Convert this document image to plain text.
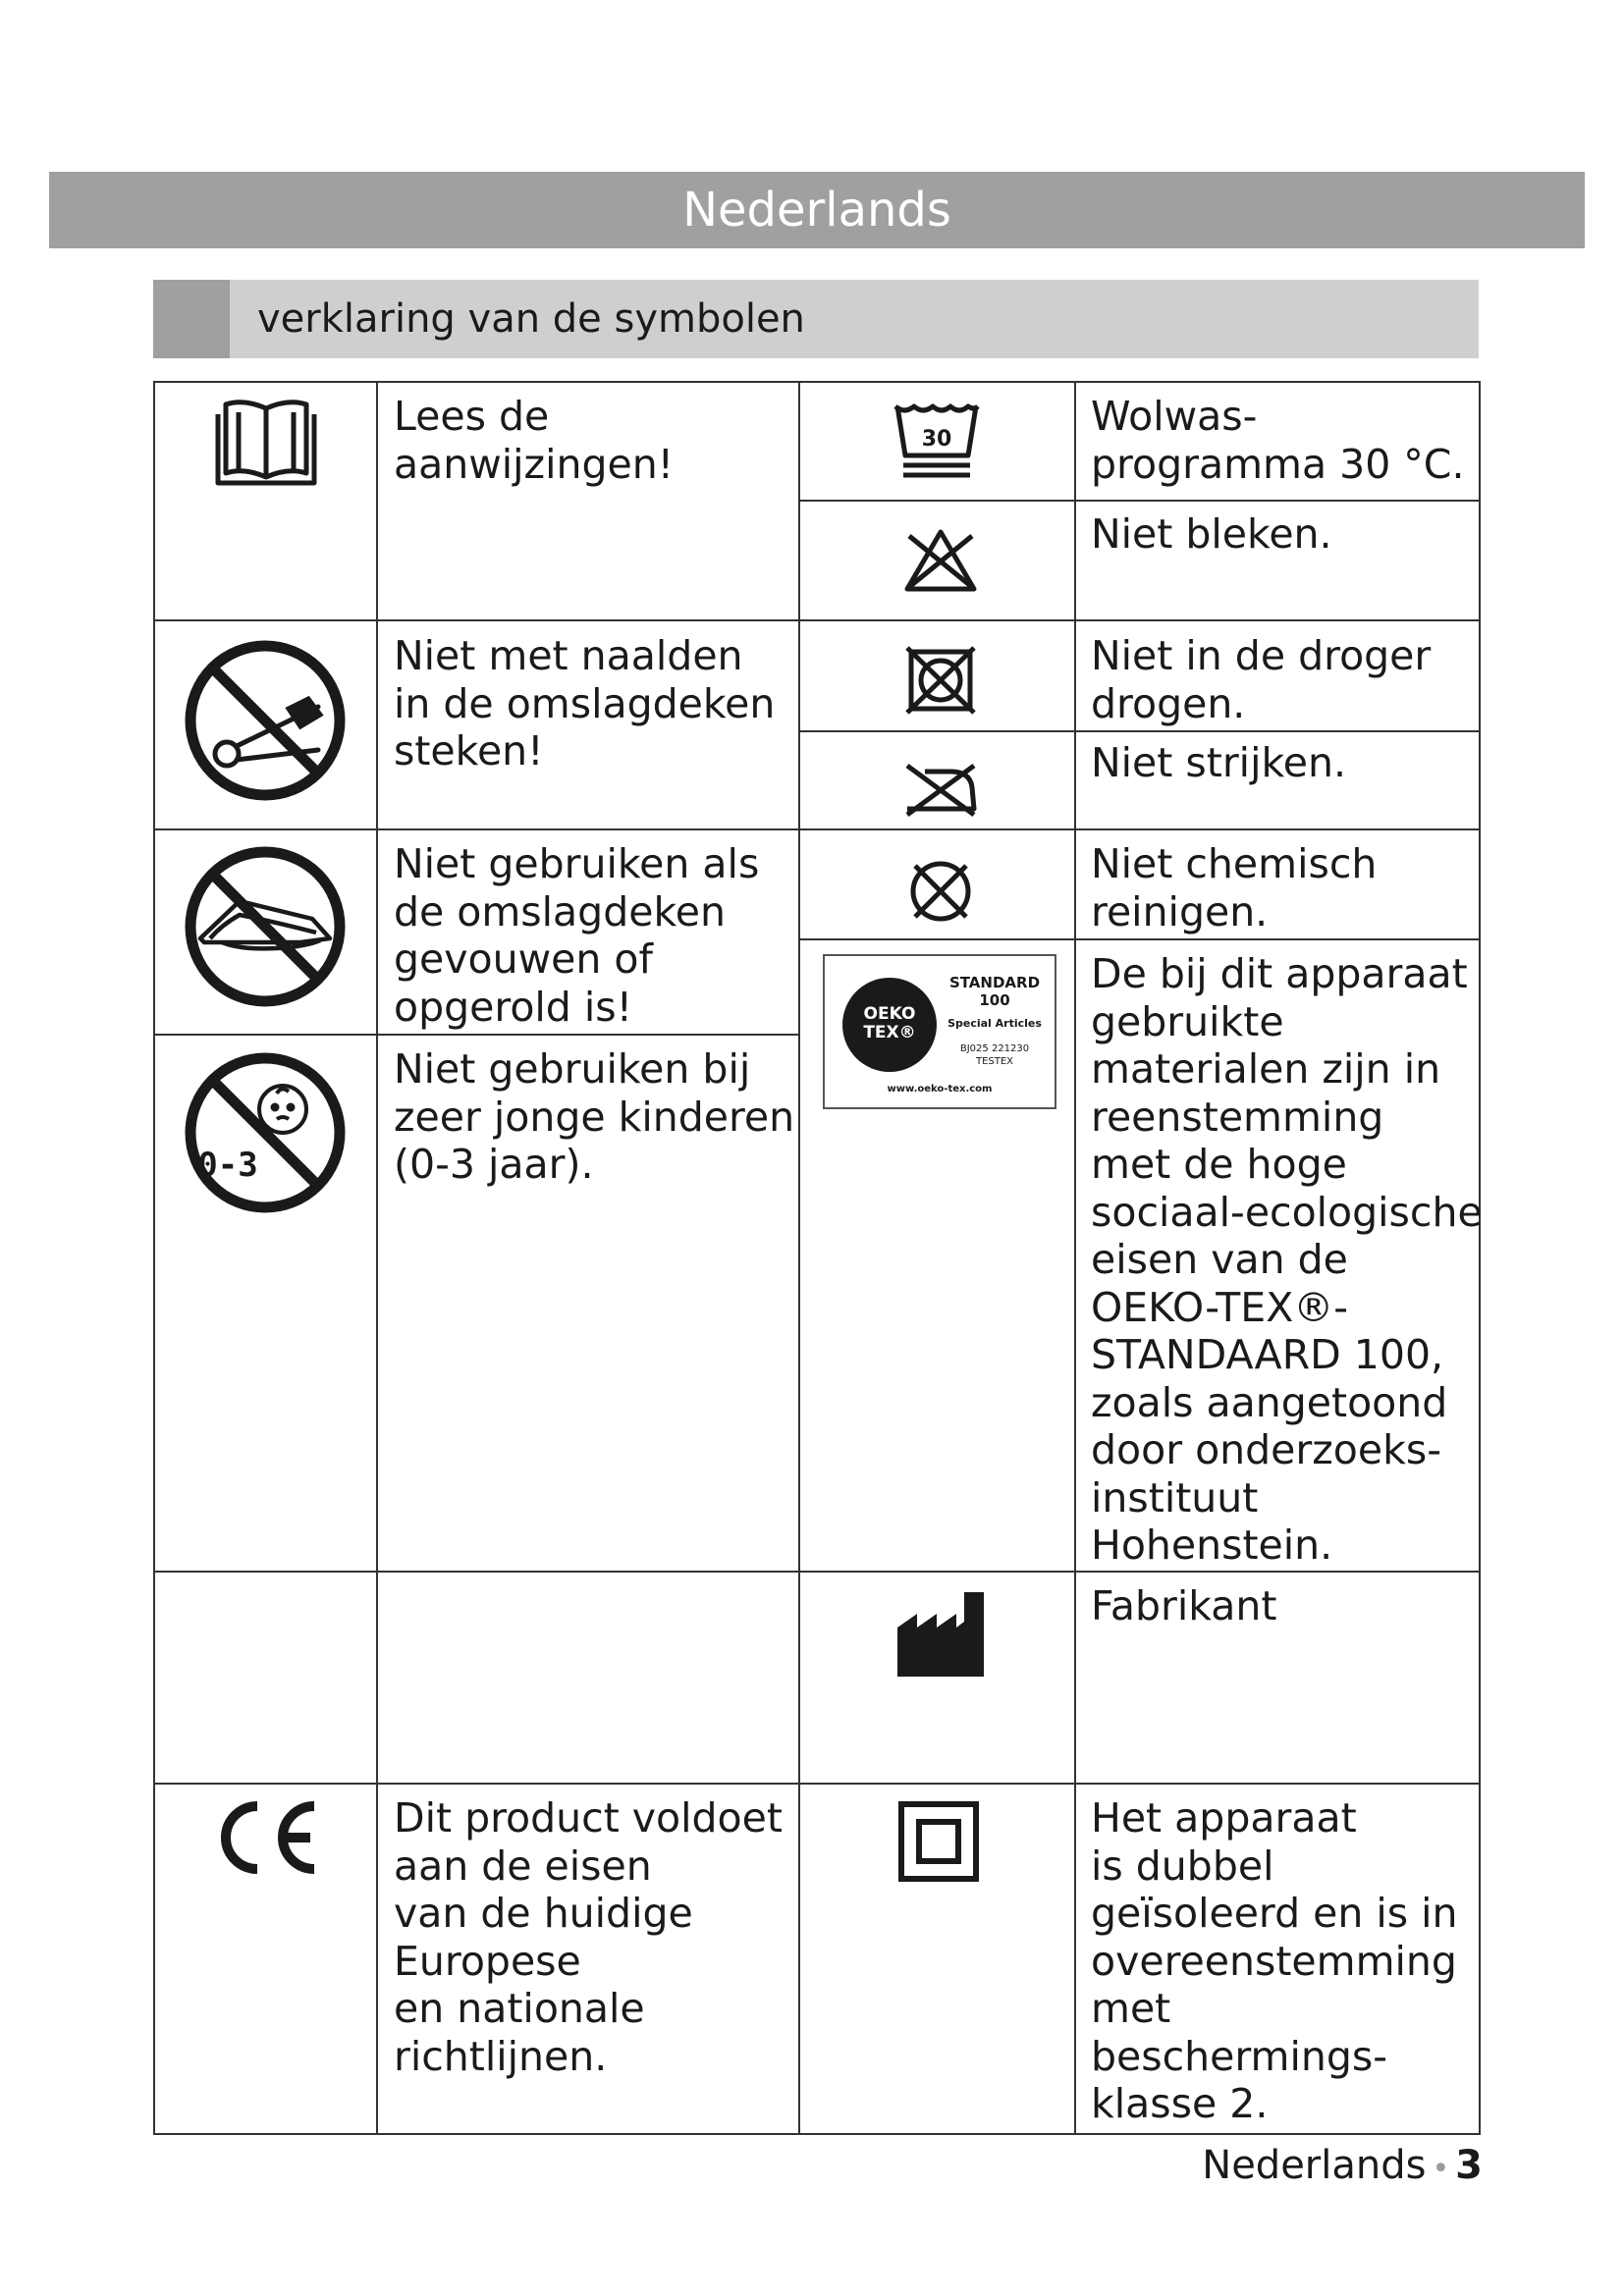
Nederlands
verklaring van de symbolen
Lees de
aanwijzingen!
Niet met naalden
in de omslagdeken
steken!
Niet gebruiken als
de omslagdeken
gevouwen of
opgerold is!
Niet gebruiken bij
zeer jonge kinderen
(0-3 jaar).
Dit product voldoet
aan de eisen
van de huidige
Europese
en nationale
richtlijnen.
Wolwas-
programma 30 °C.
Niet bleken.
Niet in de droger
drogen.
Niet strijken.
Niet chemisch
reinigen.
De bij dit apparaat
gebruikte
materialen zijn in
reenstemming
met de hoge
sociaal-ecologische
eisen van de
OEKO-TEX®-
STANDAARD 100,
zoals aangetoond
door onderzoeks-
instituut
Hohenstein.
Fabrikant
Het apparaat
is dubbel
geïsoleerd en is in
overeenstemming
met
beschermings-
klasse 2.
0-3
30
OEKO
TEX®
STANDARD
100
Special Articles
BJ025 221230
TESTEX
www.oeko-tex.com
Nederlands • 3
